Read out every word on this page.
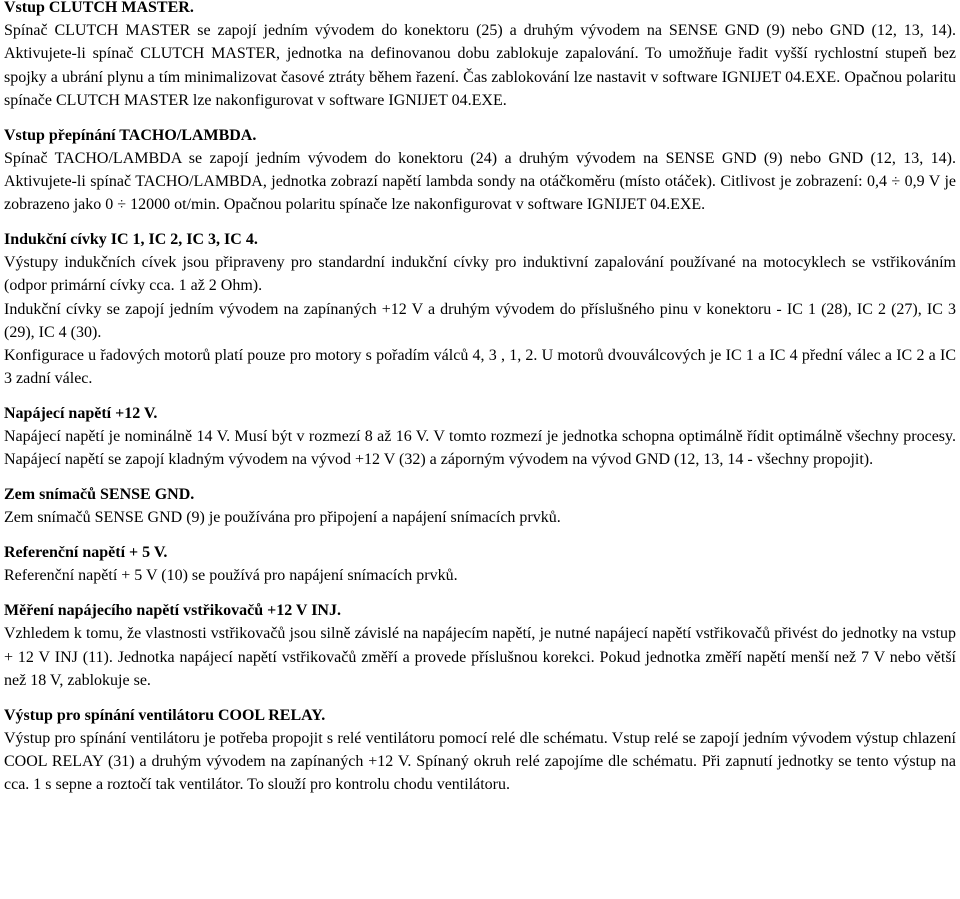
Vstup CLUTCH MASTER.

Spínač CLUTCH MASTER se zapojí jedním vývodem do konektoru (25) a druhým vývodem na SENSE GND (9) nebo GND (12, 13, 14). Aktivujete-li spínač CLUTCH MASTER, jednotka na definovanou dobu zablokuje zapalování. To umožňuje řadit vyšší rychlostní stupeň bez spojky a ubrání plynu a tím minimalizovat časové ztráty během řazení. Čas zablokování lze nastavit v software IGNIJET 04.EXE. Opačnou polaritu spínače CLUTCH MASTER lze nakonfigurovat v software IGNIJET 04.EXE.

Vstup přepínání TACHO/LAMBDA.

Spínač TACHO/LAMBDA se zapojí jedním vývodem do konektoru (24) a druhým vývodem na SENSE GND (9) nebo GND (12, 13, 14). Aktivujete-li spínač TACHO/LAMBDA, jednotka zobrazí napětí lambda sondy na otáčkoměru (místo otáček). Citlivost je zobrazení: 0,4 ÷ 0,9 V je zobrazeno jako 0 ÷ 12000 ot/min. Opačnou polaritu spínače lze nakonfigurovat v software IGNIJET 04.EXE.

Indukční cívky IC 1, IC 2, IC 3, IC 4.

Výstupy indukčních cívek jsou připraveny pro standardní indukční cívky pro induktivní zapalování používané na motocyklech se vstřikováním (odpor primární cívky cca. 1 až 2 Ohm).

Indukční cívky se zapojí jedním vývodem na zapínaných +12 V a druhým vývodem do příslušného pinu v konektoru - IC 1 (28), IC 2 (27), IC 3 (29), IC 4 (30).

Konfigurace u řadových motorů platí pouze pro motory s pořadím válců 4, 3 , 1, 2. U motorů dvouválcových je IC 1 a IC 4 přední válec a IC 2 a IC 3 zadní válec.

Napájecí napětí +12 V.

Napájecí napětí je nominálně 14 V. Musí být v rozmezí 8 až 16 V. V tomto rozmezí je jednotka schopna optimálně řídit optimálně všechny procesy. Napájecí napětí se zapojí kladným vývodem na vývod +12 V (32) a záporným vývodem na vývod GND (12, 13, 14 - všechny propojit).

Zem snímačů SENSE GND.

Zem snímačů SENSE GND (9) je používána pro připojení a napájení snímacích prvků.

Referenční napětí + 5 V.

Referenční napětí + 5 V (10) se používá pro napájení snímacích prvků.

Měření napájecího napětí vstřikovačů +12 V INJ.

Vzhledem k tomu, že vlastnosti vstřikovačů jsou silně závislé na napájecím napětí, je nutné napájecí napětí vstřikovačů přivést do jednotky na vstup + 12 V INJ (11). Jednotka napájecí napětí vstřikovačů změří a provede příslušnou korekci. Pokud jednotka změří napětí menší než 7 V nebo větší než 18 V, zablokuje se.

Výstup pro spínání ventilátoru COOL RELAY.

Výstup pro spínání ventilátoru je potřeba propojit s relé ventilátoru pomocí relé dle schématu. Vstup relé se zapojí jedním vývodem výstup chlazení COOL RELAY (31) a druhým vývodem na zapínaných +12 V. Spínaný okruh relé zapojíme dle schématu. Při zapnutí jednotky se tento výstup na cca. 1 s sepne a roztočí tak ventilátor. To slouží pro kontrolu chodu ventilátoru.
